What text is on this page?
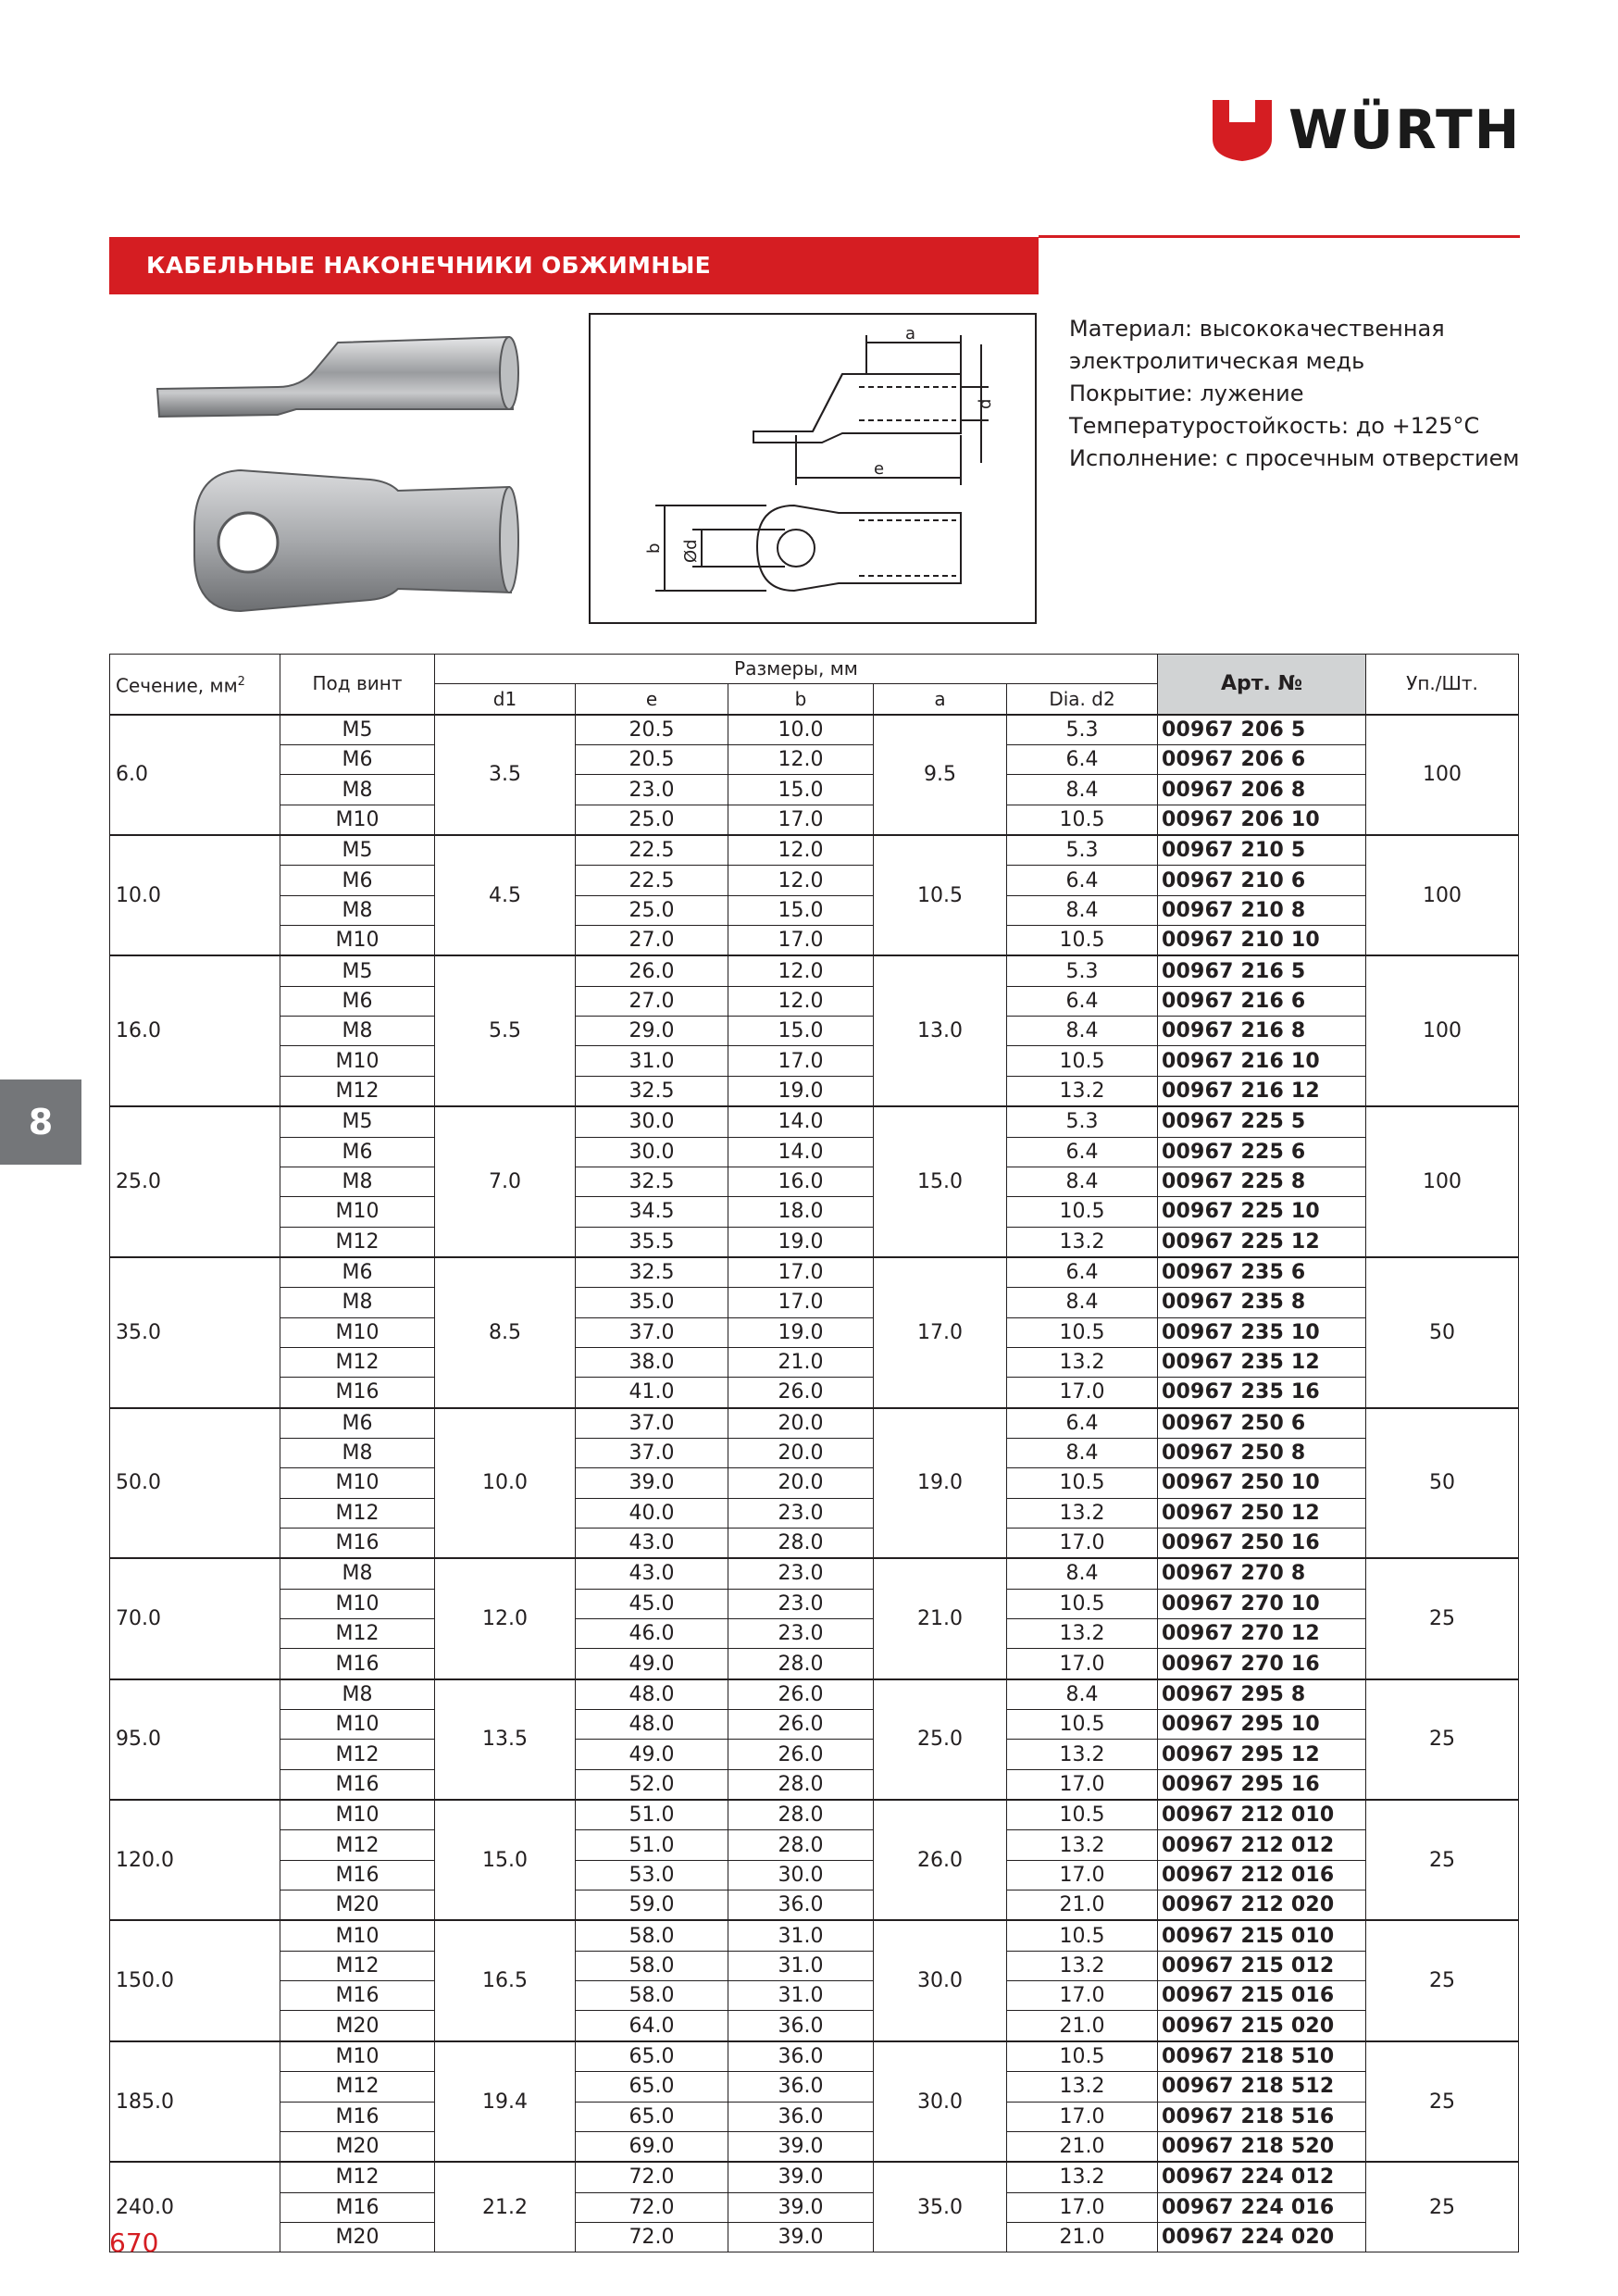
WÜRTH
КАБЕЛЬНЫЕ НАКОНЕЧНИКИ ОБЖИМНЫЕ
a
d
e
b Ød
Материал: высококачественная
электролитическая медь
Покрытие: лужение
Температуростойкость: до +125°C
Исполнение: с просечным отверстием
Сечение, $мм^2$	Под винт	Размеры, мм					Арт. №	Уп./Шт.
		d1	e	b	a	Dia. d2		
6.0	M5	3.5	20.5	10.0	9.5	5.3	00967 206 5	100
	M6		20.5	12.0		6.4	00967 206 6	
	M8		23.0	15.0		8.4	00967 206 8	
	M10		25.0	17.0		10.5	00967 206 10	
10.0	M5	4.5	22.5	12.0	10.5	5.3	00967 210 5	100
	M6		22.5	12.0		6.4	00967 210 6	
	M8		25.0	15.0		8.4	00967 210 8	
	M10		27.0	17.0		10.5	00967 210 10	
16.0	M5	5.5	26.0	12.0	13.0	5.3	00967 216 5	100
	M6		27.0	12.0		6.4	00967 216 6	
	M8		29.0	15.0		8.4	00967 216 8	
	M10		31.0	17.0		10.5	00967 216 10	
	M12		32.5	19.0		13.2	00967 216 12	
25.0	M5	7.0	30.0	14.0	15.0	5.3	00967 225 5	100
	M6		30.0	14.0		6.4	00967 225 6	
	M8		32.5	16.0		8.4	00967 225 8	
	M10		34.5	18.0		10.5	00967 225 10	
	M12		35.5	19.0		13.2	00967 225 12	
35.0	M6	8.5	32.5	17.0	17.0	6.4	00967 235 6	50
	M8		35.0	17.0		8.4	00967 235 8	
	M10		37.0	19.0		10.5	00967 235 10	
	M12		38.0	21.0		13.2	00967 235 12	
	M16		41.0	26.0		17.0	00967 235 16	
50.0	M6	10.0	37.0	20.0	19.0	6.4	00967 250 6	50
	M8		37.0	20.0		8.4	00967 250 8	
	M10		39.0	20.0		10.5	00967 250 10	
	M12		40.0	23.0		13.2	00967 250 12	
	M16		43.0	28.0		17.0	00967 250 16	
70.0	M8	12.0	43.0	23.0	21.0	8.4	00967 270 8	25
	M10		45.0	23.0		10.5	00967 270 10	
	M12		46.0	23.0		13.2	00967 270 12	
	M16		49.0	28.0		17.0	00967 270 16	
95.0	M8	13.5	48.0	26.0	25.0	8.4	00967 295 8	25
	M10		48.0	26.0		10.5	00967 295 10	
	M12		49.0	26.0		13.2	00967 295 12	
	M16		52.0	28.0		17.0	00967 295 16	
120.0	M10	15.0	51.0	28.0	26.0	10.5	00967 212 010	25
	M12		51.0	28.0		13.2	00967 212 012	
	M16		53.0	30.0		17.0	00967 212 016	
	M20		59.0	36.0		21.0	00967 212 020	
150.0	M10	16.5	58.0	31.0	30.0	10.5	00967 215 010	25
	M12		58.0	31.0		13.2	00967 215 012	
	M16		58.0	31.0		17.0	00967 215 016	
	M20		64.0	36.0		21.0	00967 215 020	
185.0	M10	19.4	65.0	36.0	30.0	10.5	00967 218 510	25
	M12		65.0	36.0		13.2	00967 218 512	
	M16		65.0	36.0		17.0	00967 218 516	
	M20		69.0	39.0		21.0	00967 218 520	
240.0	M12	21.2	72.0	39.0	35.0	13.2	00967 224 012	25
	M16		72.0	39.0		17.0	00967 224 016	
	M20		72.0	39.0		21.0	00967 224 020	
8
670
